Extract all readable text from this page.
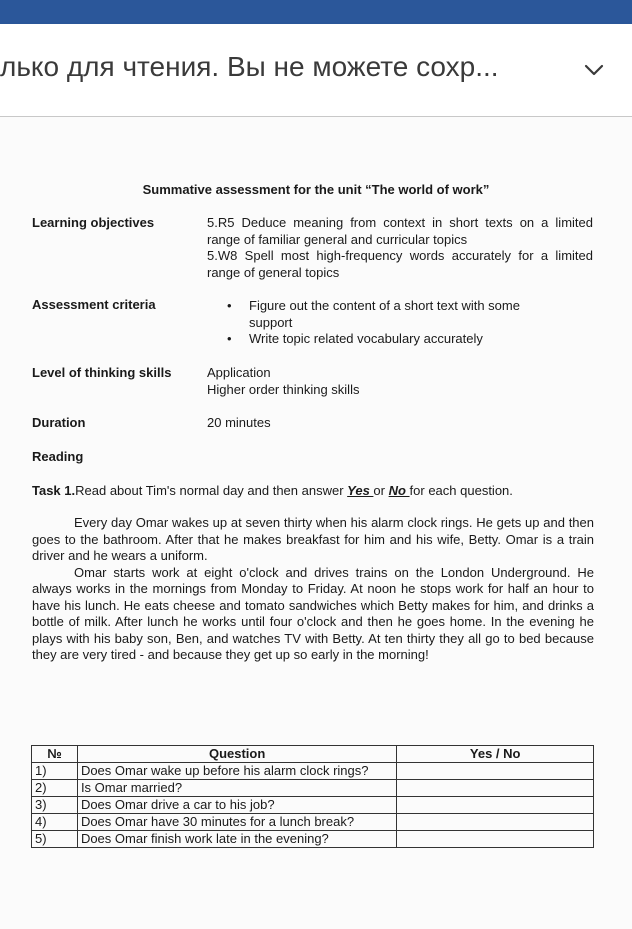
лько для чтения. Вы не можете сохр...
Summative assessment for the unit “The world of work”
Learning objectives	5.R5 Deduce meaning from context in short texts on a limited range of familiar general and curricular topics
5.W8 Spell most high-frequency words accurately for a limited range of general topics
Assessment criteria	• Figure out the content of a short text with some support
• Write topic related vocabulary accurately
Level of thinking skills	Application
Higher order thinking skills
Duration	20 minutes
Reading
Task 1.Read about Tim's normal day and then answer Yes or No for each question.
Every day Omar wakes up at seven thirty when his alarm clock rings. He gets up and then goes to the bathroom. After that he makes breakfast for him and his wife, Betty. Omar is a train driver and he wears a uniform.
Omar starts work at eight o'clock and drives trains on the London Underground. He always works in the mornings from Monday to Friday. At noon he stops work for half an hour to have his lunch. He eats cheese and tomato sandwiches which Betty makes for him, and drinks a bottle of milk. After lunch he works until four o'clock and then he goes home. In the evening he plays with his baby son, Ben, and watches TV with Betty. At ten thirty they all go to bed because they are very tired - and because they get up so early in the morning!
№	Question	Yes / No
1)	Does Omar wake up before his alarm clock rings?	
2)	Is Omar married?	
3)	Does Omar drive a car to his job?	
4)	Does Omar have 30 minutes for a lunch break?	
5)	Does Omar finish work late in the evening?	
